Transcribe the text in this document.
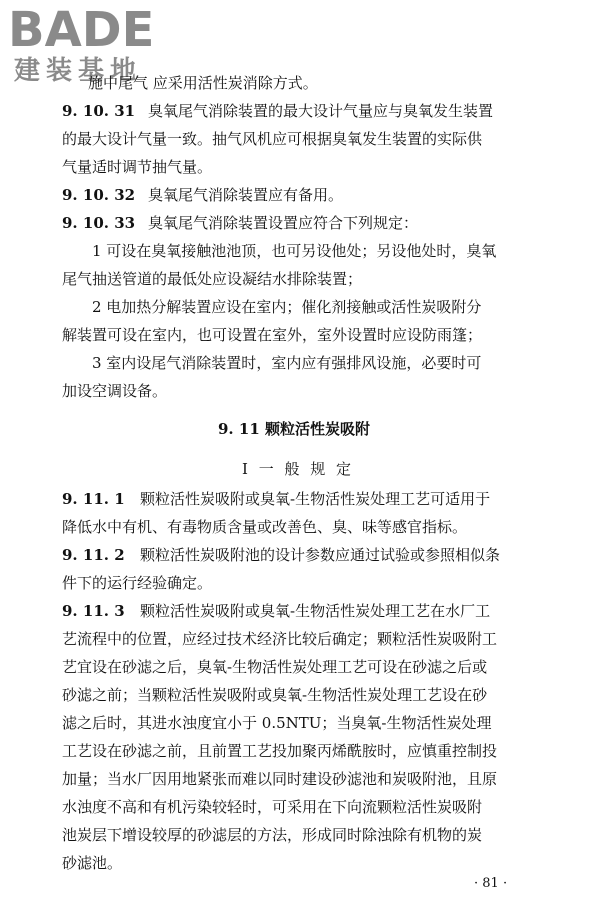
BADE
建装基地
施中尾气 应采用活性炭消除方式。
9. 10. 31 臭氧尾气消除装置的最大设计气量应与臭氧发生装置
的最大设计气量一致。抽气风机应可根据臭氧发生装置的实际供
气量适时调节抽气量。
9. 10. 32 臭氧尾气消除装置应有备用。
9. 10. 33 臭氧尾气消除装置设置应符合下列规定：
1 可设在臭氧接触池池顶，也可另设他处；另设他处时，臭氧
尾气抽送管道的最低处应设凝结水排除装置；
2 电加热分解装置应设在室内；催化剂接触或活性炭吸附分
解装置可设在室内，也可设置在室外，室外设置时应设防雨篷；
3 室内设尾气消除装置时，室内应有强排风设施，必要时可
加设空调设备。
9. 11 颗粒活性炭吸附
Ⅰ 一 般 规 定
9. 11. 1 颗粒活性炭吸附或臭氧-生物活性炭处理工艺可适用于
降低水中有机、有毒物质含量或改善色、臭、味等感官指标。
9. 11. 2 颗粒活性炭吸附池的设计参数应通过试验或参照相似条
件下的运行经验确定。
9. 11. 3 颗粒活性炭吸附或臭氧-生物活性炭处理工艺在水厂工
艺流程中的位置，应经过技术经济比较后确定；颗粒活性炭吸附工
艺宜设在砂滤之后，臭氧-生物活性炭处理工艺可设在砂滤之后或
砂滤之前；当颗粒活性炭吸附或臭氧-生物活性炭处理工艺设在砂
滤之后时，其进水浊度宜小于 0.5NTU；当臭氧-生物活性炭处理
工艺设在砂滤之前，且前置工艺投加聚丙烯酰胺时，应慎重控制投
加量；当水厂因用地紧张而难以同时建设砂滤池和炭吸附池，且原
水浊度不高和有机污染较轻时，可采用在下向流颗粒活性炭吸附
池炭层下增设较厚的砂滤层的方法，形成同时除浊除有机物的炭
砂滤池。
· 81 ·
